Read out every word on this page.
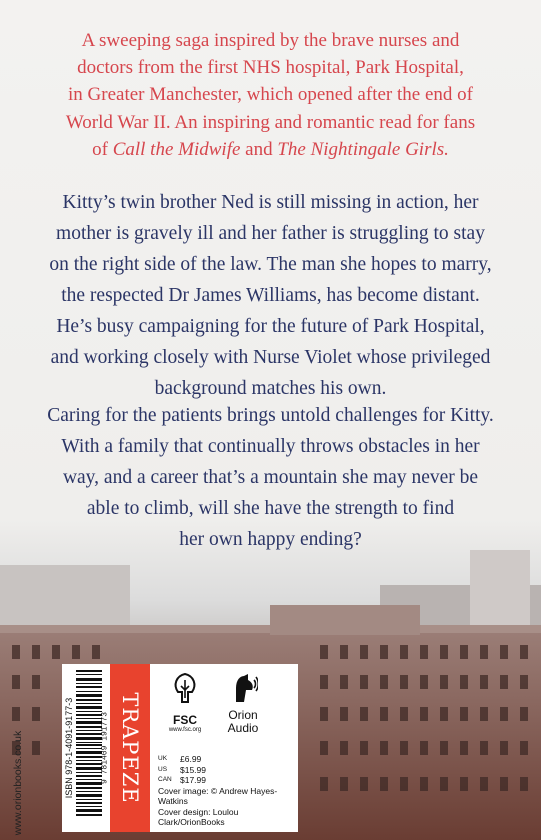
A sweeping saga inspired by the brave nurses and
doctors from the first NHS hospital, Park Hospital,
in Greater Manchester, which opened after the end of
World War II. An inspiring and romantic read for fans
of Call the Midwife and The Nightingale Girls.

Kitty’s twin brother Ned is still missing in action, her
mother is gravely ill and her father is struggling to stay
on the right side of the law. The man she hopes to marry,
the respected Dr James Williams, has become distant.
He’s busy campaigning for the future of Park Hospital,
and working closely with Nurse Violet whose privileged
background matches his own.

Caring for the patients brings untold challenges for Kitty.
With a family that continually throws obstacles in her
way, and a career that’s a mountain she may never be
able to climb, will she have the strength to find
her own happy ending?

www.orionbooks.co.uk	ISBN 978-1-4091-9177-3	9 781409 191773 TRAPEZE	FSC
www.fsc.org
Orion
Audio
UK	£6.99
US	$15.99
CAN $17.99
Cover image: © Andrew Hayes-Watkins
Cover design: Loulou Clark/OrionBooks
